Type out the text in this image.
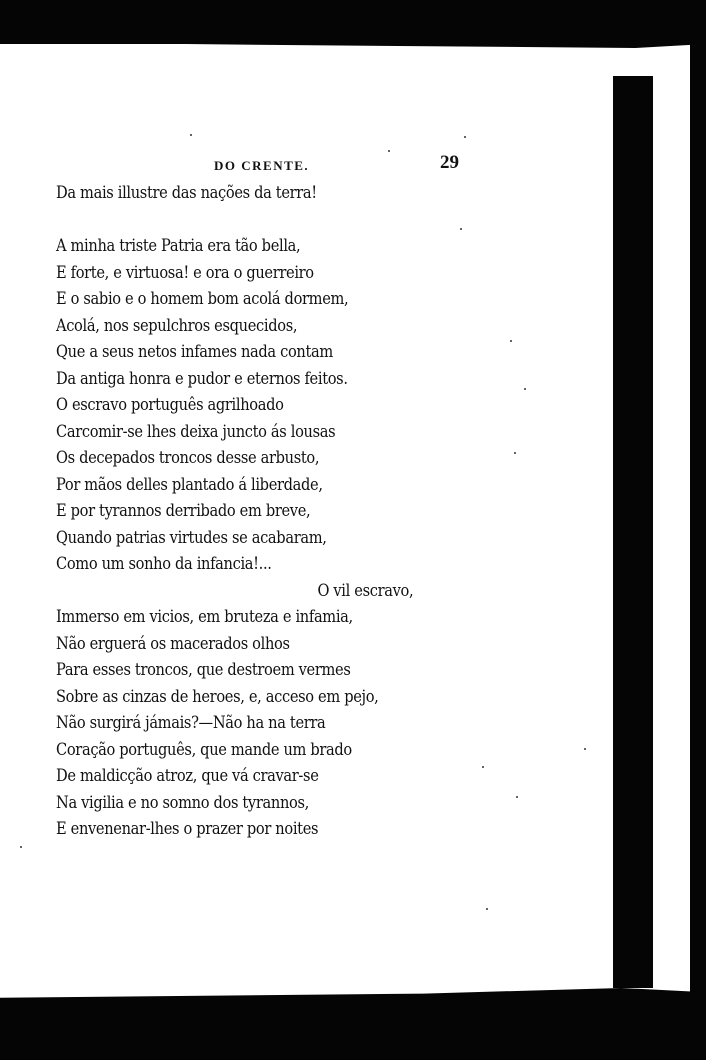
DO CRENTE.	29
Da mais illustre das nações da terra!
A minha triste Patria era tão bella,
E forte, e virtuosa! e ora o guerreiro
E o sabio e o homem bom acolá dormem,
Acolá, nos sepulchros esquecidos,
Que a seus netos infames nada contam
Da antiga honra e pudor e eternos feitos.
O escravo português agrilhoado
Carcomir-se lhes deixa juncto ás lousas
Os decepados troncos desse arbusto,
Por mãos delles plantado á liberdade,
E por tyrannos derribado em breve,
Quando patrias virtudes se acabaram,
Como um sonho da infancia!...
O vil escravo,
Immerso em vicios, em bruteza e infamia,
Não erguerá os macerados olhos
Para esses troncos, que destroem vermes
Sobre as cinzas de heroes, e, acceso em pejo,
Não surgirá jámais?—Não ha na terra
Coração português, que mande um brado
De maldicção atroz, que vá cravar-se
Na vigilia e no somno dos tyrannos,
E envenenar-lhes o prazer por noites
